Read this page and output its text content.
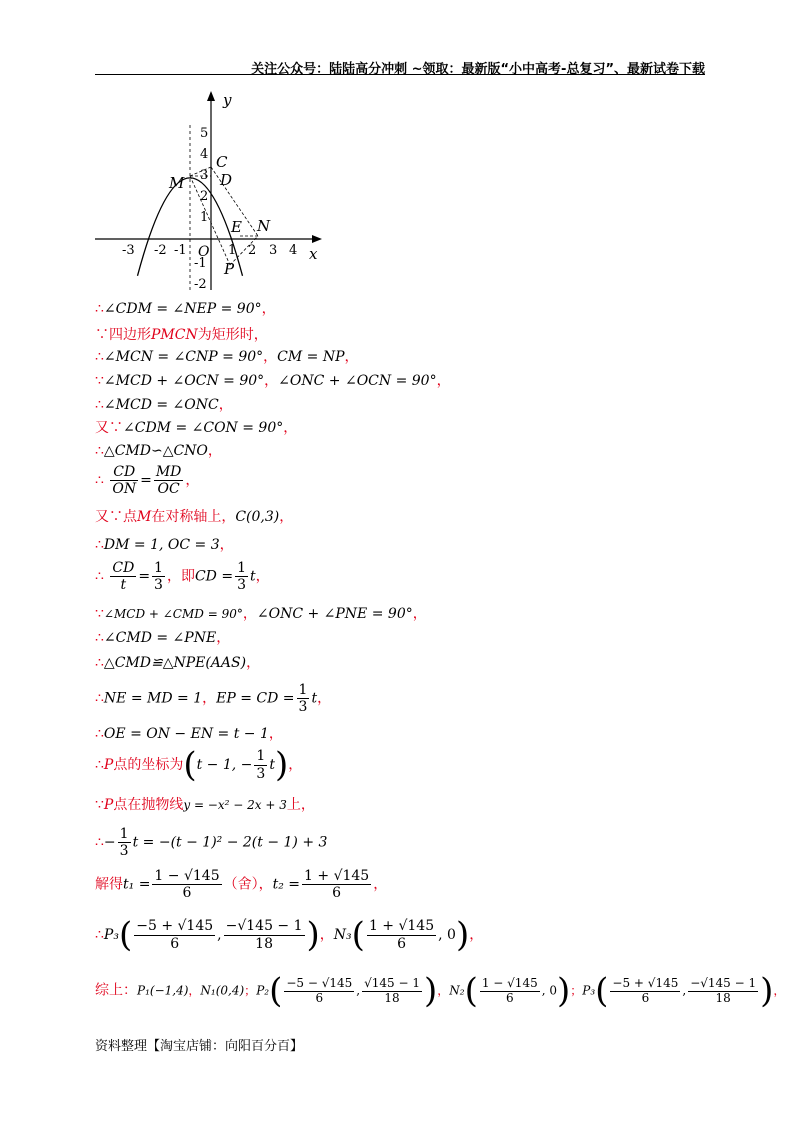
关注公众号：陆陆高分冲刺 ~领取：最新版“小中高考-总复习”、最新试卷下载
y
x
O
-3 -2 -1	1 2 3 4
5
4
3
2
1
-1
-2
C
D
M
E N
P
∴∠CDM = ∠NEP = 90°，
∵四边形PMCN为矩形时，
∴∠MCN = ∠CNP = 90°，CM = NP，
∵∠MCD + ∠OCN = 90°，∠ONC + ∠OCN = 90°，
∴∠MCD = ∠ONC，
又∵∠CDM = ∠CON = 90°，
∴△CMD∽△CNO，
∴ $\frac{CD}{ON} = \frac{MD}{OC}$ ，
又∵点M在对称轴上，C(0,3)，
∴DM = 1, OC = 3，
∴ $\frac{CD}{t} = \frac{1}{3}$ ，即CD = $\frac{1}{3}$ t，
∵∠MCD + ∠CMD = 90°，∠ONC + ∠PNE = 90°，
∴∠CMD = ∠PNE，
∴△CMD≌△NPE(AAS)，
∴NE = MD = 1，EP = CD = $\frac{1}{3}$ t，
∴OE = ON − EN = t − 1，
∴P点的坐标为(t − 1, − $\frac{1}{3} t$)，
∵P点在抛物线y = −x² − 2x + 3上，
∴− $\frac{1}{3}$ t = −(t − 1)² − 2(t − 1) + 3
解得$t_1 = \frac{1 - √145}{6}$ （舍），$t_2 = \frac{1 + √145}{6}$ ，
∴P₃( $\frac{-5 + √145}{6}$ , $\frac{-√145 - 1}{18}$ )，$N_3( \frac{1 + √145}{6}$ , 0)，
综上：P₁(−1,4)，N₁(0,4)；$P_2( \frac{-5 - √145}{6}$ , $\frac{√145 - 1}{18}$ )，$N_2( \frac{1 - √145}{6}$ , 0)；$P_3( \frac{-5 + √145}{6}$ , $\frac{-√145 - 1}{18}$ )，
资料整理【淘宝店铺：向阳百分百】
